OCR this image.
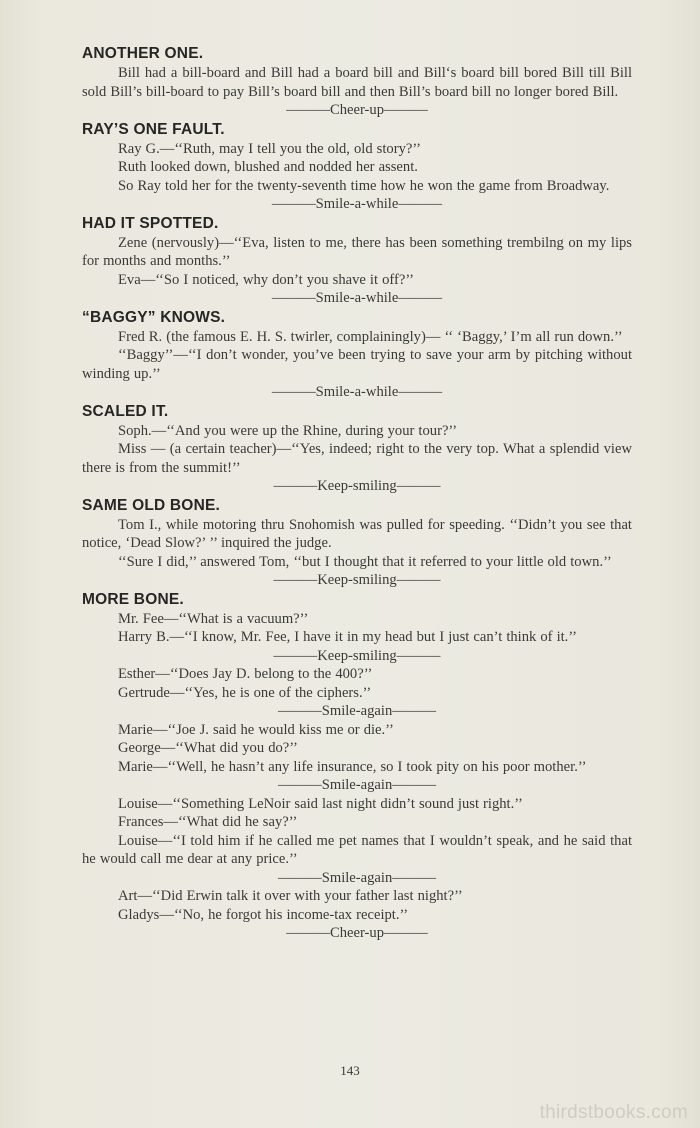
ANOTHER ONE.

Bill had a bill-board and Bill had a board bill and Bill‘s board bill bored Bill till Bill sold Bill’s bill-board to pay Bill’s board bill and then Bill’s board bill no longer bored Bill.

———Cheer-up———
RAY’S ONE FAULT.

Ray G.—‘‘Ruth, may I tell you the old, old story?’’

Ruth looked down, blushed and nodded her assent.

So Ray told her for the twenty-seventh time how he won the game from Broadway.

———Smile-a-while———
HAD IT SPOTTED.

Zene (nervously)—‘‘Eva, listen to me, there has been something trembilng on my lips for months and months.’’

Eva—‘‘So I noticed, why don’t you shave it off?’’

———Smile-a-while———
“BAGGY” KNOWS.

Fred R. (the famous E. H. S. twirler, complainingly)— ‘‘ ‘Baggy,’ I’m all run down.’’

‘‘Baggy’’—‘‘I don’t wonder, you’ve been trying to save your arm by pitching without winding up.’’

———Smile-a-while———
SCALED IT.

Soph.—‘‘And you were up the Rhine, during your tour?’’

Miss — (a certain teacher)—‘‘Yes, indeed; right to the very top. What a splendid view there is from the summit!’’

———Keep-smiling———
SAME OLD BONE.

Tom I., while motoring thru Snohomish was pulled for speeding. ‘‘Didn’t you see that notice, ‘Dead Slow?’ ’’ inquired the judge.

‘‘Sure I did,’’ answered Tom, ‘‘but I thought that it referred to your little old town.’’

———Keep-smiling———
MORE BONE.

Mr. Fee—‘‘What is a vacuum?’’

Harry B.—‘‘I know, Mr. Fee, I have it in my head but I just can’t think of it.’’

———Keep-smiling———

Esther—‘‘Does Jay D. belong to the 400?’’

Gertrude—‘‘Yes, he is one of the ciphers.’’

———Smile-again———

Marie—‘‘Joe J. said he would kiss me or die.’’

George—‘‘What did you do?’’

Marie—‘‘Well, he hasn’t any life insurance, so I took pity on his poor mother.’’

———Smile-again———

Louise—‘‘Something LeNoir said last night didn’t sound just right.’’

Frances—‘‘What did he say?’’

Louise—‘‘I told him if he called me pet names that I wouldn’t speak, and he said that he would call me dear at any price.’’

———Smile-again———

Art—‘‘Did Erwin talk it over with your father last night?’’

Gladys—‘‘No, he forgot his income-tax receipt.’’

———Cheer-up———
143
thirdstbooks.com
